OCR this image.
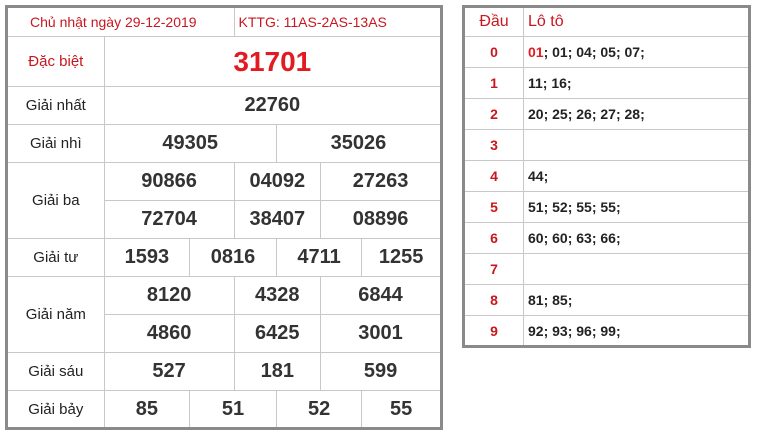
Chủ nhật ngày 29-12-2019			KTTG: 11AS-2AS-13AS			
Đặc biệt	31701					
Giải nhất	22760					
Giải nhì	49305			35026		
Giải ba	90866		04092		27263	
	72704		38407		08896	
Giải tư	1593	0816		4711		1255
Giải năm	8120		4328		6844	
	4860		6425		3001	
Giải sáu	527		181		599	
Giải bảy	85	51		52		55
Đầu	Lô tô
0	01; 01; 04; 05; 07;
1	11; 16;
2	20; 25; 26; 27; 28;
3	
4	44;
5	51; 52; 55; 55;
6	60; 60; 63; 66;
7	
8	81; 85;
9	92; 93; 96; 99;
